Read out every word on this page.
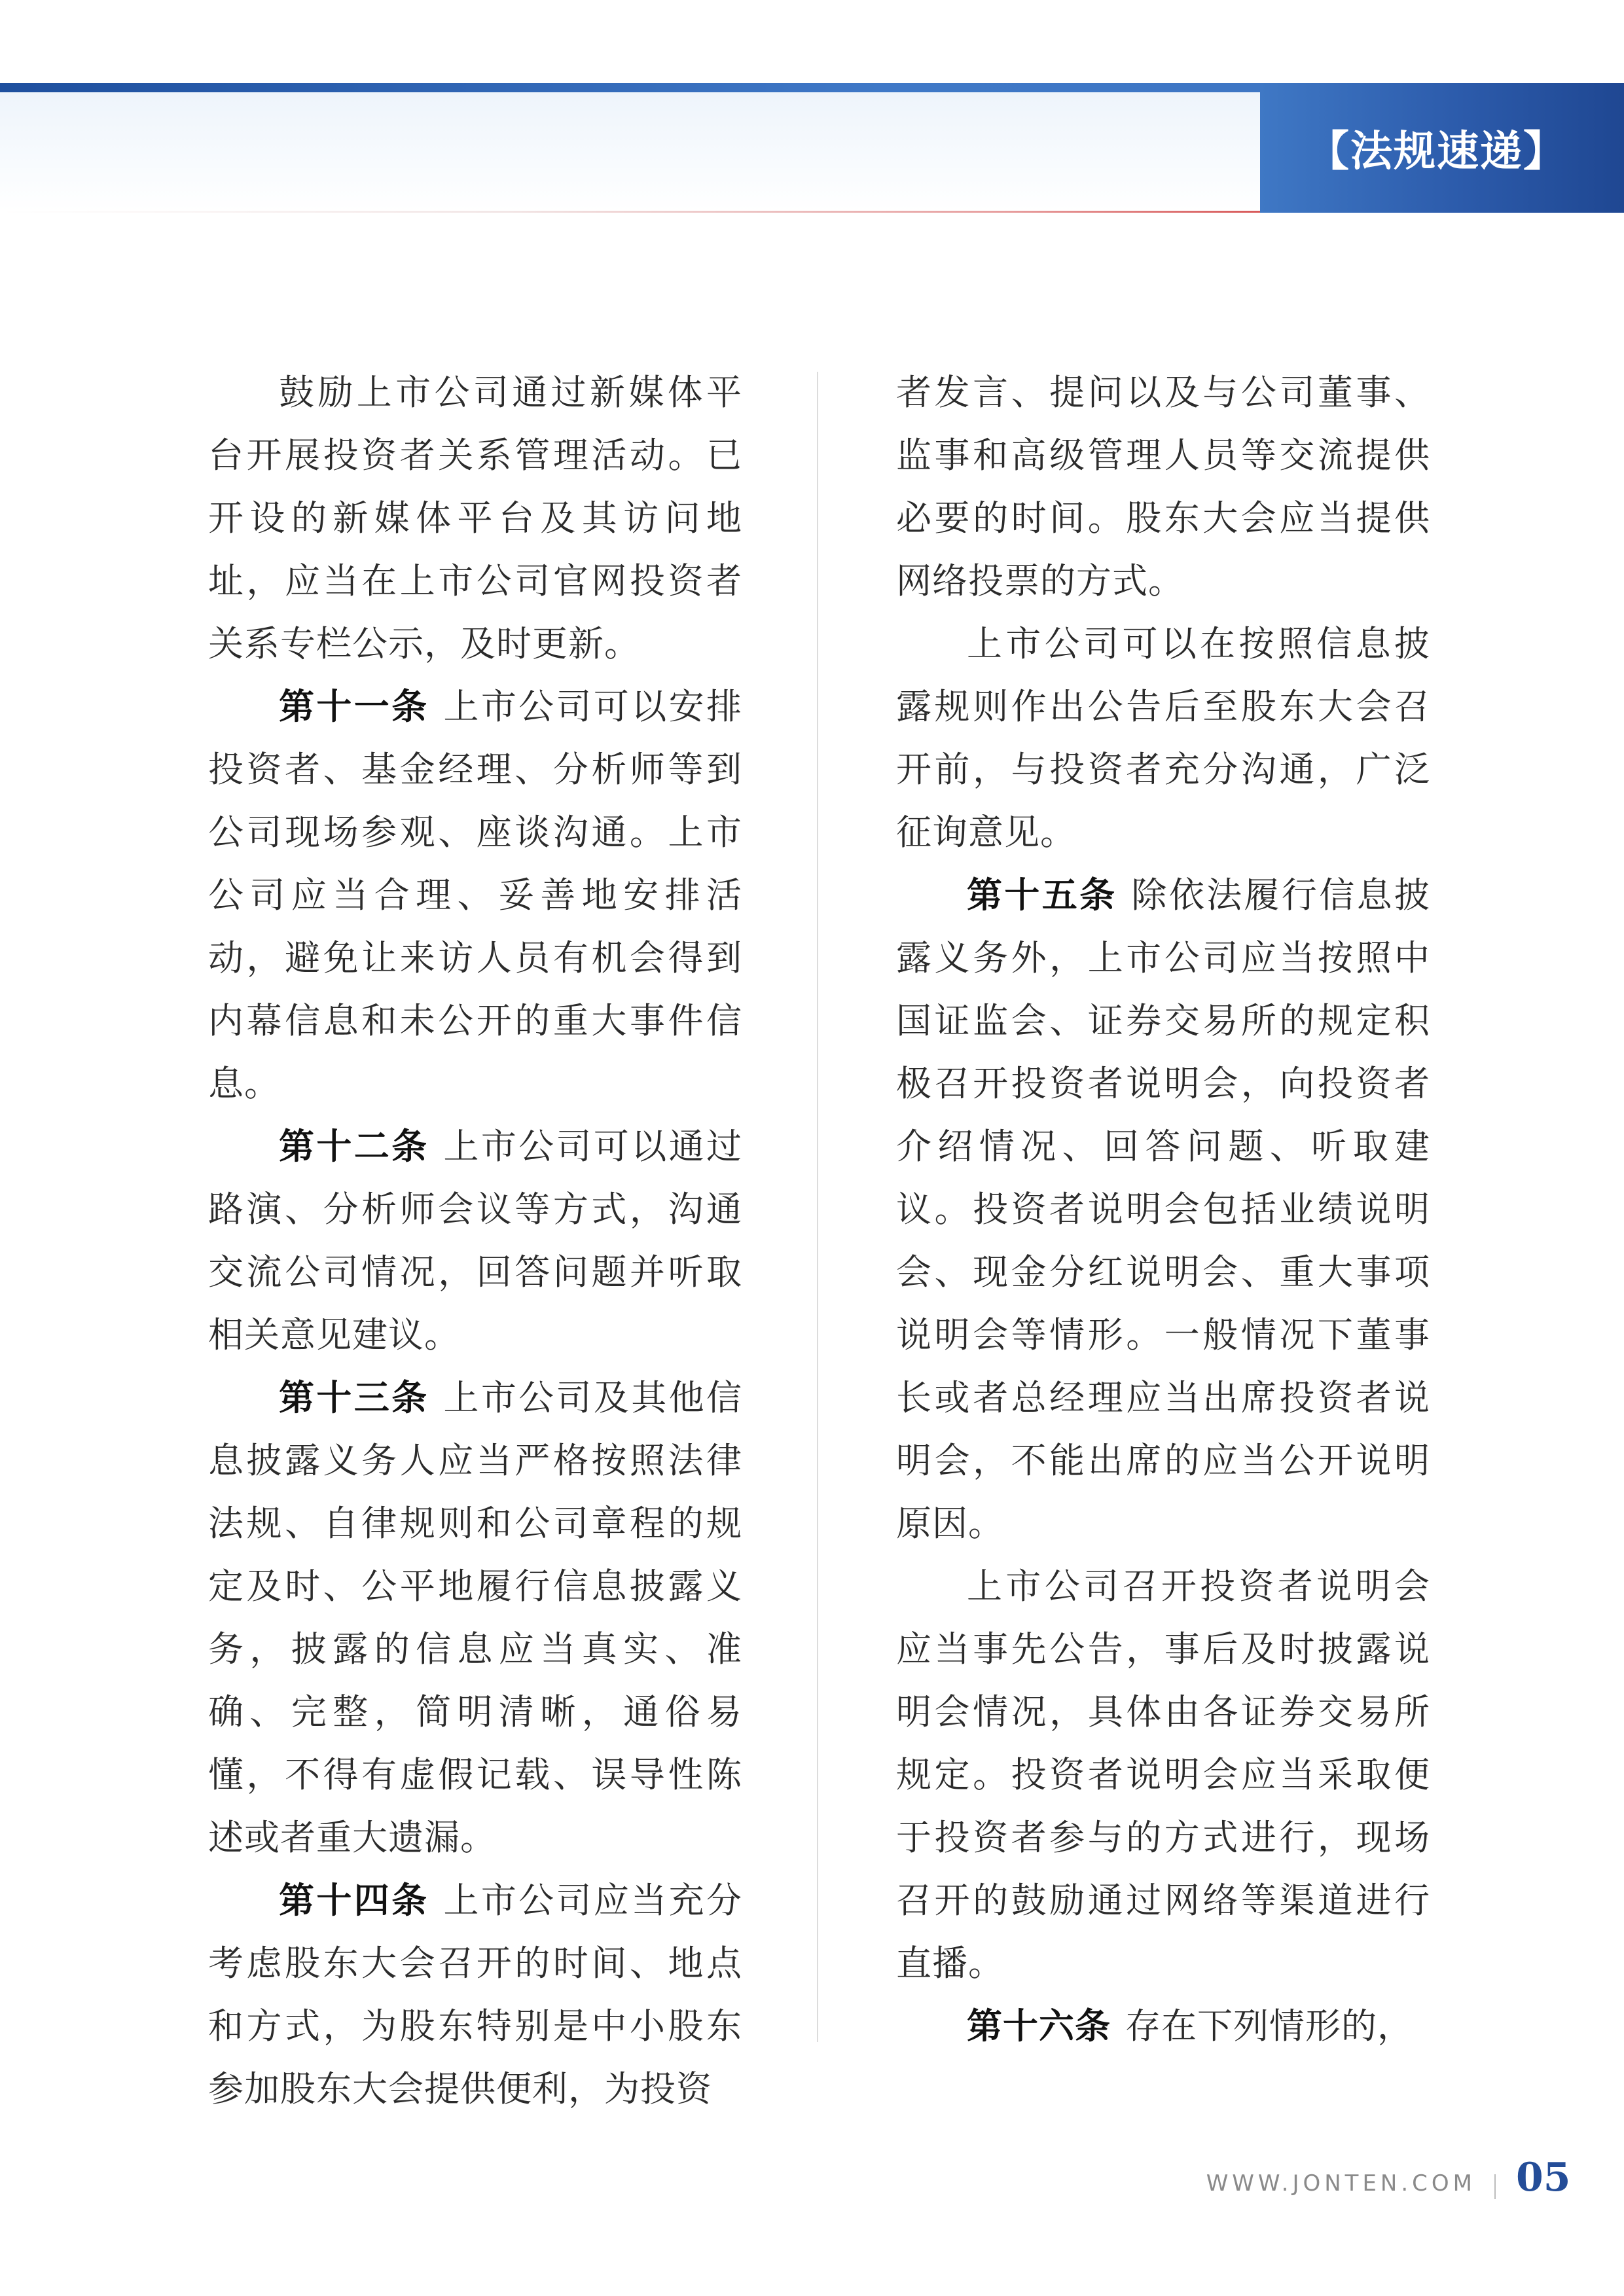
【法规速递】

鼓励上市公司通过新媒体平台开展投资者关系管理活动。已开设的新媒体平台及其访问地址，应当在上市公司官网投资者关系专栏公示，及时更新。

第十一条 上市公司可以安排投资者、基金经理、分析师等到公司现场参观、座谈沟通。上市公司应当合理、妥善地安排活动，避免让来访人员有机会得到内幕信息和未公开的重大事件信息。

第十二条 上市公司可以通过路演、分析师会议等方式，沟通交流公司情况，回答问题并听取相关意见建议。

第十三条 上市公司及其他信息披露义务人应当严格按照法律法规、自律规则和公司章程的规定及时、公平地履行信息披露义务，披露的信息应当真实、准确、完整，简明清晰，通俗易懂，不得有虚假记载、误导性陈述或者重大遗漏。

第十四条 上市公司应当充分考虑股东大会召开的时间、地点和方式，为股东特别是中小股东参加股东大会提供便利，为投资

者发言、提问以及与公司董事、监事和高级管理人员等交流提供必要的时间。股东大会应当提供网络投票的方式。

上市公司可以在按照信息披露规则作出公告后至股东大会召开前，与投资者充分沟通，广泛征询意见。

第十五条 除依法履行信息披露义务外，上市公司应当按照中国证监会、证券交易所的规定积极召开投资者说明会，向投资者介绍情况、回答问题、听取建议。投资者说明会包括业绩说明会、现金分红说明会、重大事项说明会等情形。一般情况下董事长或者总经理应当出席投资者说明会，不能出席的应当公开说明原因。

上市公司召开投资者说明会应当事先公告，事后及时披露说明会情况，具体由各证券交易所规定。投资者说明会应当采取便于投资者参与的方式进行，现场召开的鼓励通过网络等渠道进行直播。

第十六条 存在下列情形的，

WWW.JONTEN.COM 05
